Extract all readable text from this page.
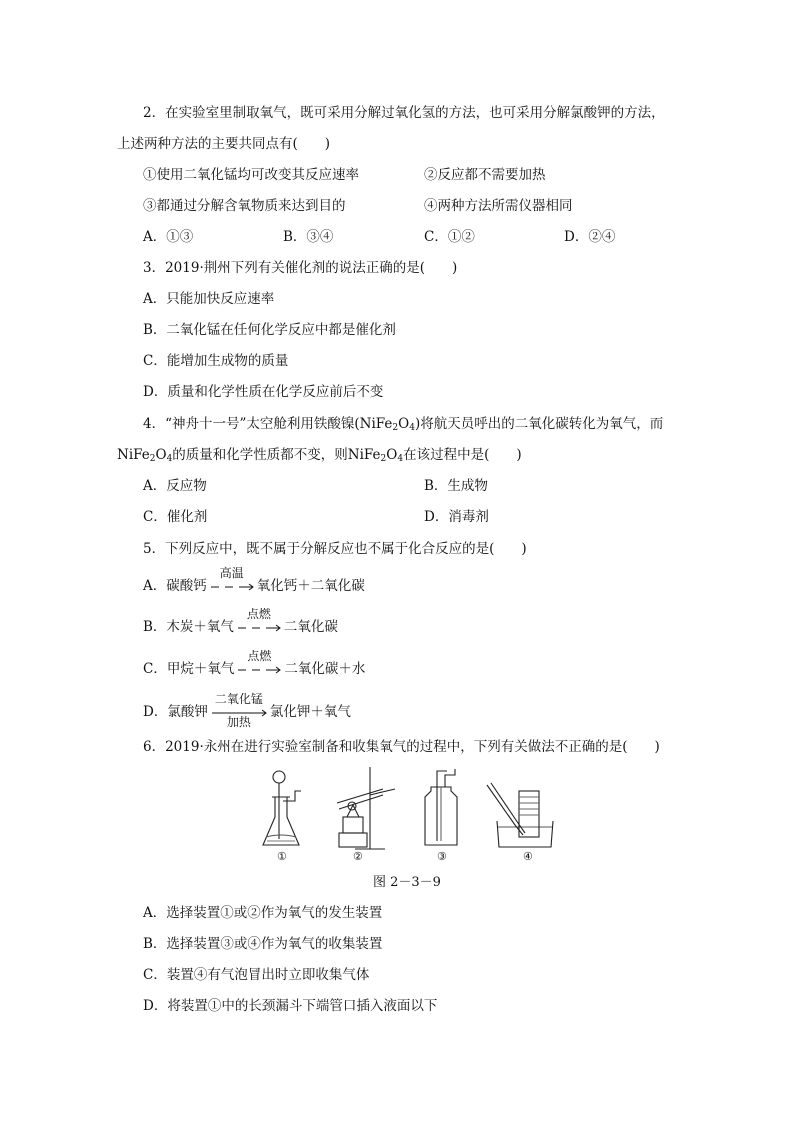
2．在实验室里制取氧气，既可采用分解过氧化氢的方法，也可采用分解氯酸钾的方法，
上述两种方法的主要共同点有(　　)
①使用二氧化锰均可改变其反应速率	②反应都不需要加热
③都通过分解含氧物质来达到目的	④两种方法所需仪器相同
A．①③	B．③④	C．①②	D．②④
3．2019·荆州下列有关催化剂的说法正确的是(　　)
A．只能加快反应速率
B．二氧化锰在任何化学反应中都是催化剂
C．能增加生成物的质量
D．质量和化学性质在化学反应前后不变
4．“神舟十一号”太空舱利用铁酸镍$(NiFe_2O_4)$将航天员呼出的二氧化碳转化为氧气，而
$NiFe_2O_4$的质量和化学性质都不变，则$NiFe_2O_4$在该过程中是(　　)
A．反应物	B．生成物
C．催化剂	D．消毒剂
5．下列反应中，既不属于分解反应也不属于化合反应的是(　　)
A．碳酸钙
高温
氧化钙＋二氧化碳
B．木炭＋氧气
点燃
二氧化碳
C．甲烷＋氧气
点燃
二氧化碳＋水
D．氯酸钾
二氧化锰
加热
氯化钾＋氧气
6．2019·永州在进行实验室制备和收集氧气的过程中，下列有关做法不正确的是(　　)
①	②	③	④
图 2－3－9
A．选择装置①或②作为氧气的发生装置
B．选择装置③或④作为氧气的收集装置
C．装置④有气泡冒出时立即收集气体
D．将装置①中的长颈漏斗下端管口插入液面以下
